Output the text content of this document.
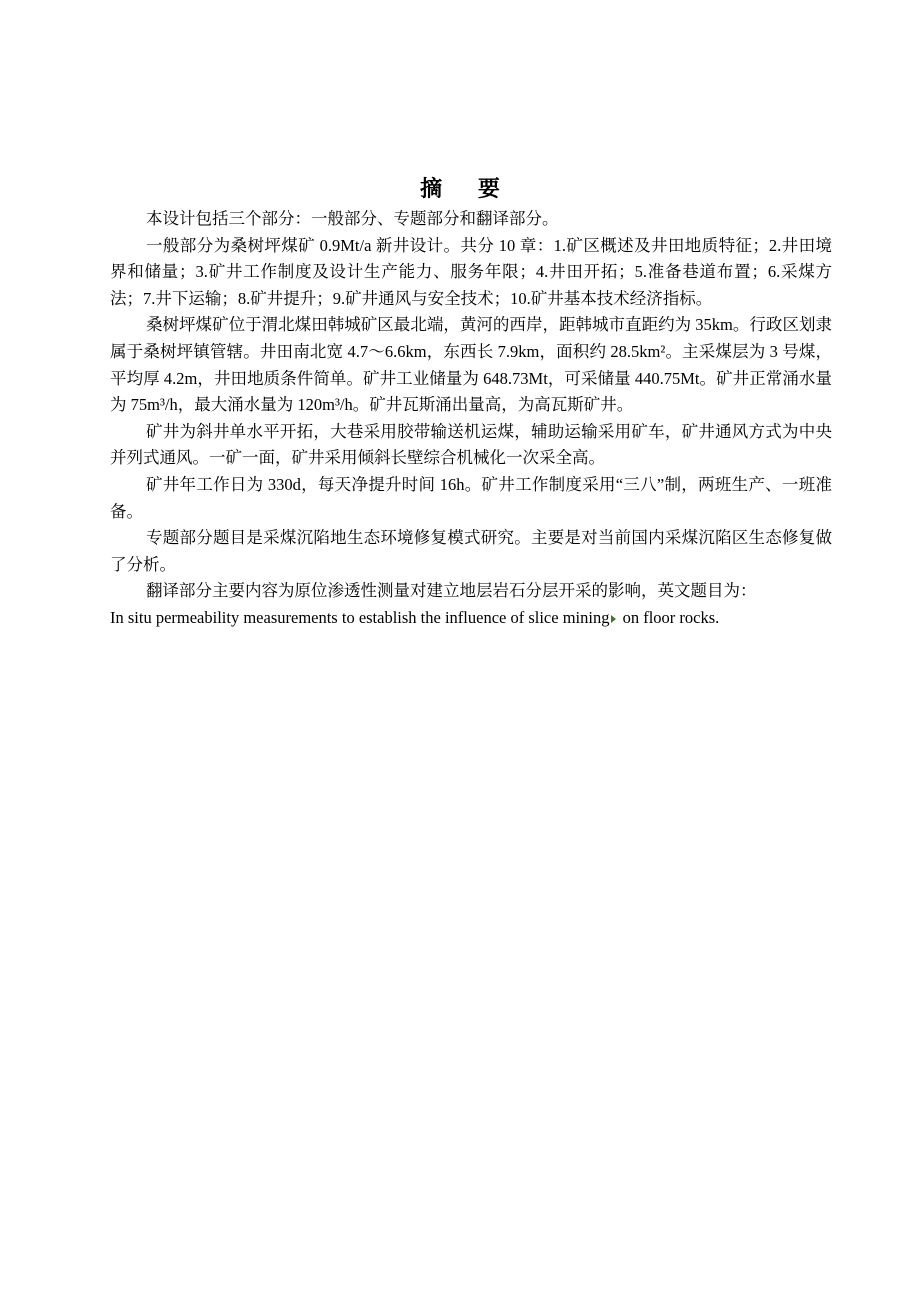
摘 要

本设计包括三个部分：一般部分、专题部分和翻译部分。

一般部分为桑树坪煤矿 0.9Mt/a 新井设计。共分 10 章：1.矿区概述及井田地质特征；2.井田境界和储量；3.矿井工作制度及设计生产能力、服务年限；4.井田开拓；5.准备巷道布置；6.采煤方法；7.井下运输；8.矿井提升；9.矿井通风与安全技术；10.矿井基本技术经济指标。

桑树坪煤矿位于渭北煤田韩城矿区最北端，黄河的西岸，距韩城市直距约为 35km。行政区划隶属于桑树坪镇管辖。井田南北宽 4.7～6.6km，东西长 7.9km，面积约 28.5km²。主采煤层为 3 号煤，平均厚 4.2m，井田地质条件简单。矿井工业储量为 648.73Mt，可采储量 440.75Mt。矿井正常涌水量为 75m³/h，最大涌水量为 120m³/h。矿井瓦斯涌出量高，为高瓦斯矿井。

矿井为斜井单水平开拓，大巷采用胶带输送机运煤，辅助运输采用矿车，矿井通风方式为中央并列式通风。一矿一面，矿井采用倾斜长壁综合机械化一次采全高。

矿井年工作日为 330d，每天净提升时间 16h。矿井工作制度采用“三八”制，两班生产、一班准备。

专题部分题目是采煤沉陷地生态环境修复模式研究。主要是对当前国内采煤沉陷区生态修复做了分析。

翻译部分主要内容为原位渗透性测量对建立地层岩石分层开采的影响，英文题目为：

In situ permeability measurements to establish the influence of slice mining on floor rocks.
